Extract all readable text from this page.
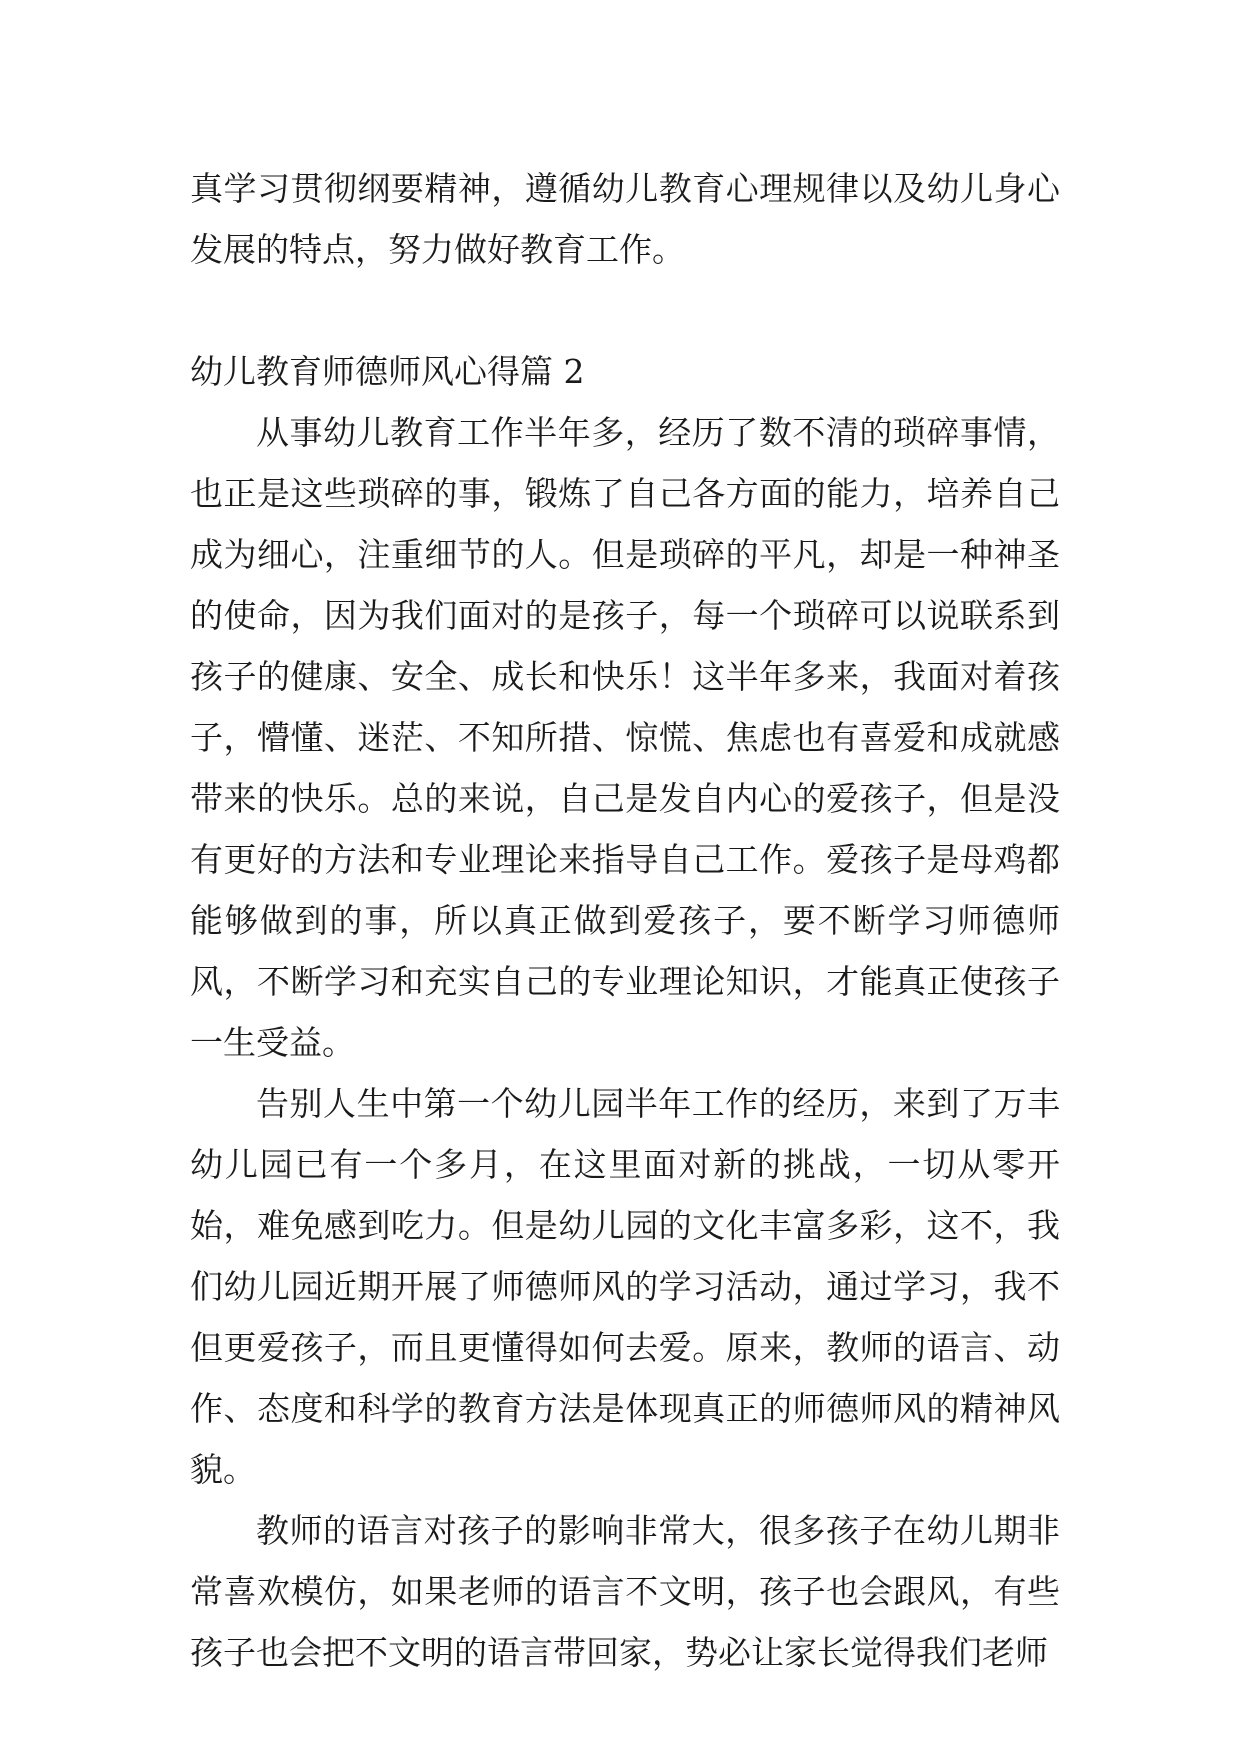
真学习贯彻纲要精神，遵循幼儿教育心理规律以及幼儿身心发展的特点，努力做好教育工作。

幼儿教育师德师风心得篇 2

从事幼儿教育工作半年多，经历了数不清的琐碎事情，也正是这些琐碎的事，锻炼了自己各方面的能力，培养自己成为细心，注重细节的人。但是琐碎的平凡，却是一种神圣的使命，因为我们面对的是孩子，每一个琐碎可以说联系到孩子的健康、安全、成长和快乐！这半年多来，我面对着孩子，懵懂、迷茫、不知所措、惊慌、焦虑也有喜爱和成就感带来的快乐。总的来说，自己是发自内心的爱孩子，但是没有更好的方法和专业理论来指导自己工作。爱孩子是母鸡都能够做到的事，所以真正做到爱孩子，要不断学习师德师风，不断学习和充实自己的专业理论知识，才能真正使孩子一生受益。

告别人生中第一个幼儿园半年工作的经历，来到了万丰幼儿园已有一个多月，在这里面对新的挑战，一切从零开始，难免感到吃力。但是幼儿园的文化丰富多彩，这不，我们幼儿园近期开展了师德师风的学习活动，通过学习，我不但更爱孩子，而且更懂得如何去爱。原来，教师的语言、动作、态度和科学的教育方法是体现真正的师德师风的精神风貌。

教师的语言对孩子的影响非常大，很多孩子在幼儿期非常喜欢模仿，如果老师的语言不文明，孩子也会跟风，有些孩子也会把不文明的语言带回家，势必让家长觉得我们老师
